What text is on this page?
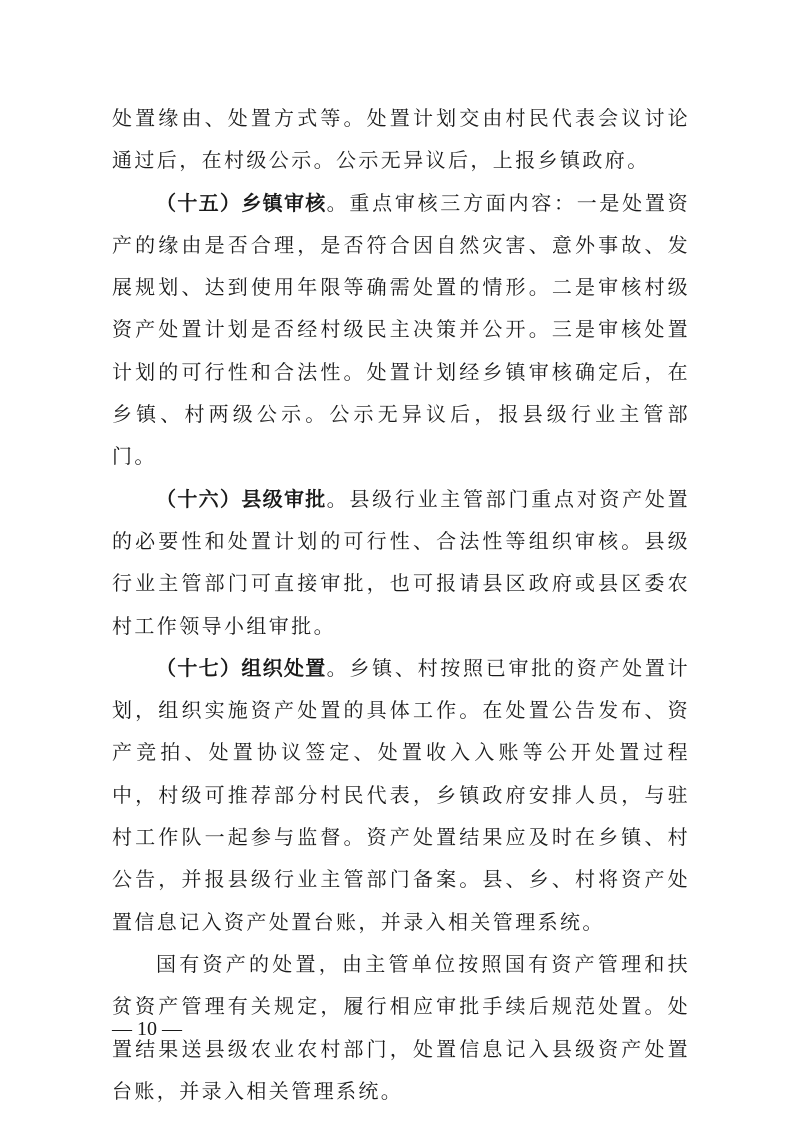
处置缘由、处置方式等。处置计划交由村民代表会议讨论通过后，在村级公示。公示无异议后，上报乡镇政府。

（十五）乡镇审核。重点审核三方面内容：一是处置资产的缘由是否合理，是否符合因自然灾害、意外事故、发展规划、达到使用年限等确需处置的情形。二是审核村级资产处置计划是否经村级民主决策并公开。三是审核处置计划的可行性和合法性。处置计划经乡镇审核确定后，在乡镇、村两级公示。公示无异议后，报县级行业主管部门。

（十六）县级审批。县级行业主管部门重点对资产处置的必要性和处置计划的可行性、合法性等组织审核。县级行业主管部门可直接审批，也可报请县区政府或县区委农村工作领导小组审批。

（十七）组织处置。乡镇、村按照已审批的资产处置计划，组织实施资产处置的具体工作。在处置公告发布、资产竞拍、处置协议签定、处置收入入账等公开处置过程中，村级可推荐部分村民代表，乡镇政府安排人员，与驻村工作队一起参与监督。资产处置结果应及时在乡镇、村公告，并报县级行业主管部门备案。县、乡、村将资产处置信息记入资产处置台账，并录入相关管理系统。

国有资产的处置，由主管单位按照国有资产管理和扶贫资产管理有关规定，履行相应审批手续后规范处置。处置结果送县级农业农村部门，处置信息记入县级资产处置台账，并录入相关管理系统。

— 10 —
